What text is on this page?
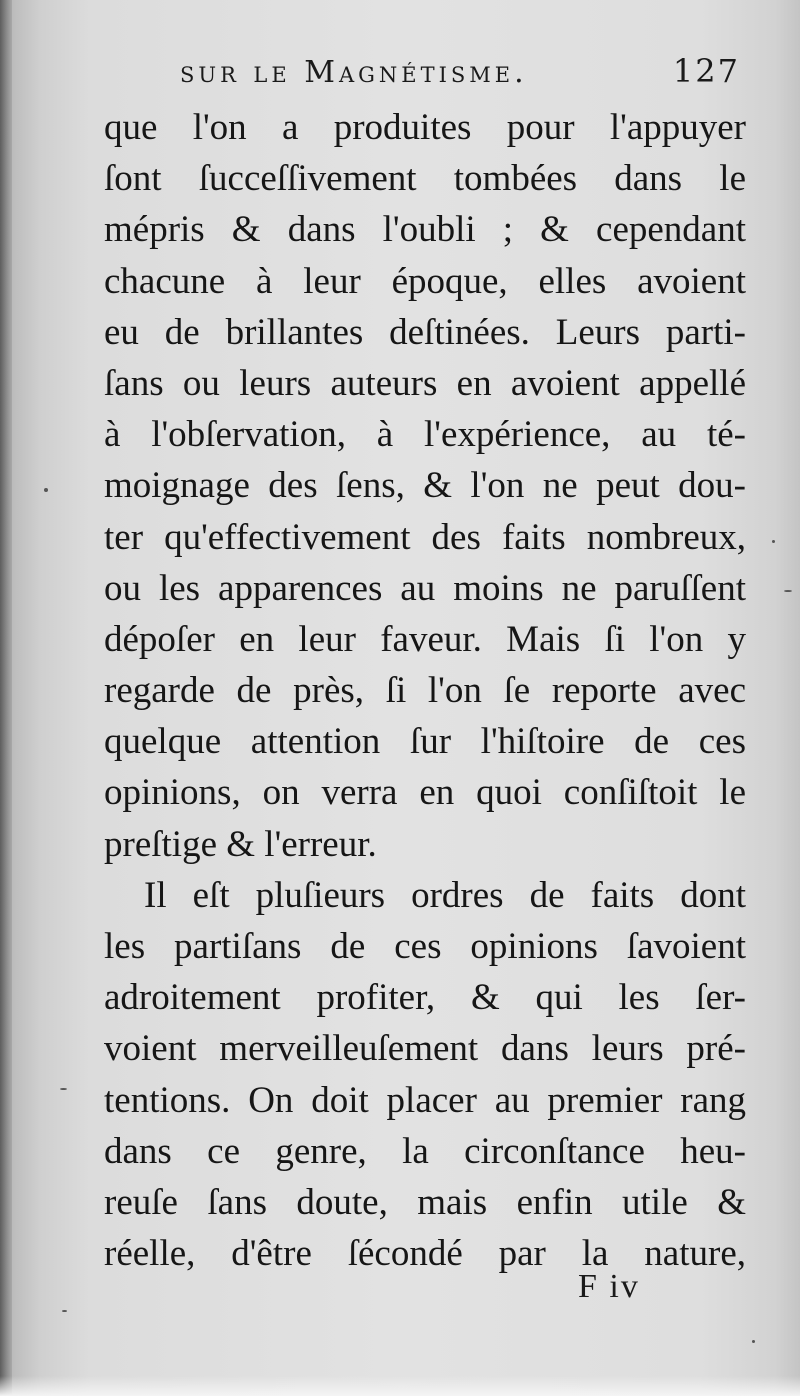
sur le Magnétisme.	127
que l'on a produites pour l'appuyer
ſont ſucceſſivement tombées dans le
mépris & dans l'oubli ; & cependant
chacune à leur époque, elles avoient
eu de brillantes deſtinées. Leurs parti-
ſans ou leurs auteurs en avoient appellé
à l'obſervation, à l'expérience, au té-
moignage des ſens, & l'on ne peut dou-
ter qu'effectivement des faits nombreux,
ou les apparences au moins ne paruſſent
dépoſer en leur faveur. Mais ſi l'on y
regarde de près, ſi l'on ſe reporte avec
quelque attention ſur l'hiſtoire de ces
opinions, on verra en quoi conſiſtoit le
preſtige & l'erreur.
Il eſt pluſieurs ordres de faits dont
les partiſans de ces opinions ſavoient
adroitement profiter, & qui les ſer-
voient merveilleuſement dans leurs pré-
tentions. On doit placer au premier rang
dans ce genre, la circonſtance heu-
reuſe ſans doute, mais enfin utile &
réelle, d'être ſécondé par la nature,
F iv
